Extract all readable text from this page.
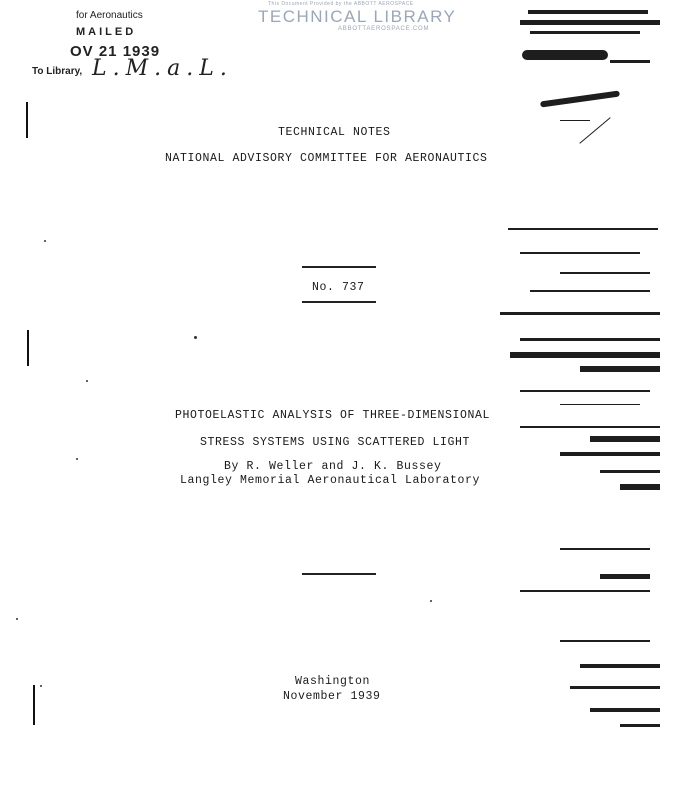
for Aeronautics
MAILED
OV 21 1939
To Library, L.M.a.L.
This Document Provided by the ABBOTT AEROSPACE
TECHNICAL LIBRARY
ABBOTTAEROSPACE.COM
TECHNICAL NOTES
NATIONAL ADVISORY COMMITTEE FOR AERONAUTICS
No. 737
PHOTOELASTIC ANALYSIS OF THREE-DIMENSIONAL
STRESS SYSTEMS USING SCATTERED LIGHT
By R. Weller and J. K. Bussey
Langley Memorial Aeronautical Laboratory
Washington
November 1939
